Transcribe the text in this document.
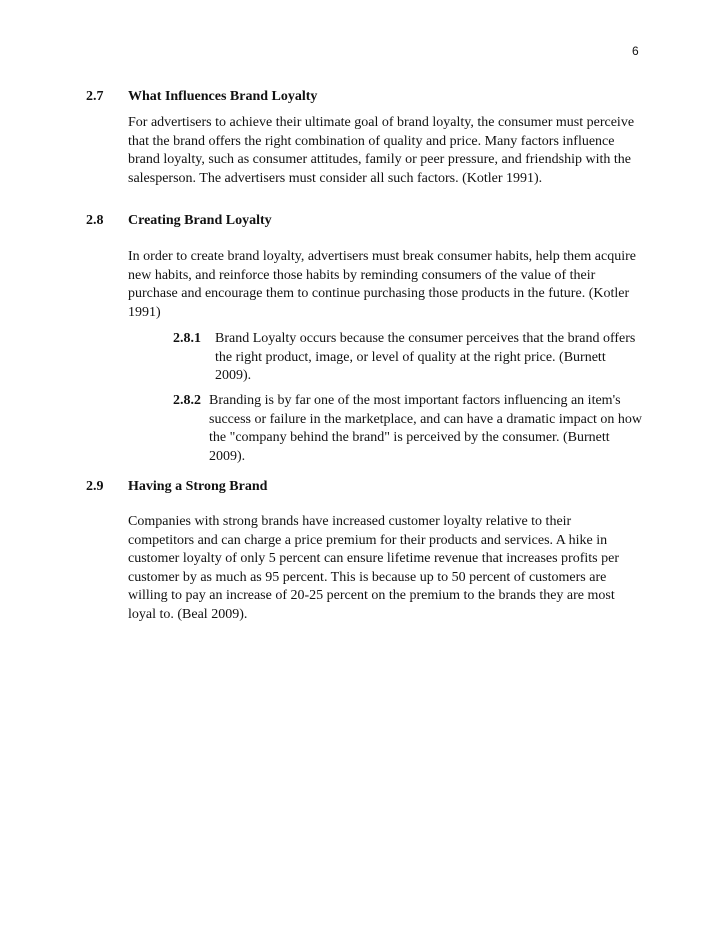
6
2.7	What Influences Brand Loyalty
For advertisers to achieve their ultimate goal of brand loyalty, the consumer must perceive that the brand offers the right combination of quality and price. Many factors influence brand loyalty, such as consumer attitudes, family or peer pressure, and friendship with the salesperson. The advertisers must consider all such factors. (Kotler 1991).
2.8	Creating Brand Loyalty
In order to create brand loyalty, advertisers must break consumer habits, help them acquire new habits, and reinforce those habits by reminding consumers of the value of their purchase and encourage them to continue purchasing those products in the future. (Kotler 1991)
2.8.1 Brand Loyalty occurs because the consumer perceives that the brand offers the right product, image, or level of quality at the right price. (Burnett 2009).
2.8.2 Branding is by far one of the most important factors influencing an item's success or failure in the marketplace, and can have a dramatic impact on how the "company behind the brand" is perceived by the consumer. (Burnett 2009).
2.9	Having a Strong Brand
Companies with strong brands have increased customer loyalty relative to their competitors and can charge a price premium for their products and services. A hike in customer loyalty of only 5 percent can ensure lifetime revenue that increases profits per customer by as much as 95 percent. This is because up to 50 percent of customers are willing to pay an increase of 20-25 percent on the premium to the brands they are most loyal to. (Beal 2009).
